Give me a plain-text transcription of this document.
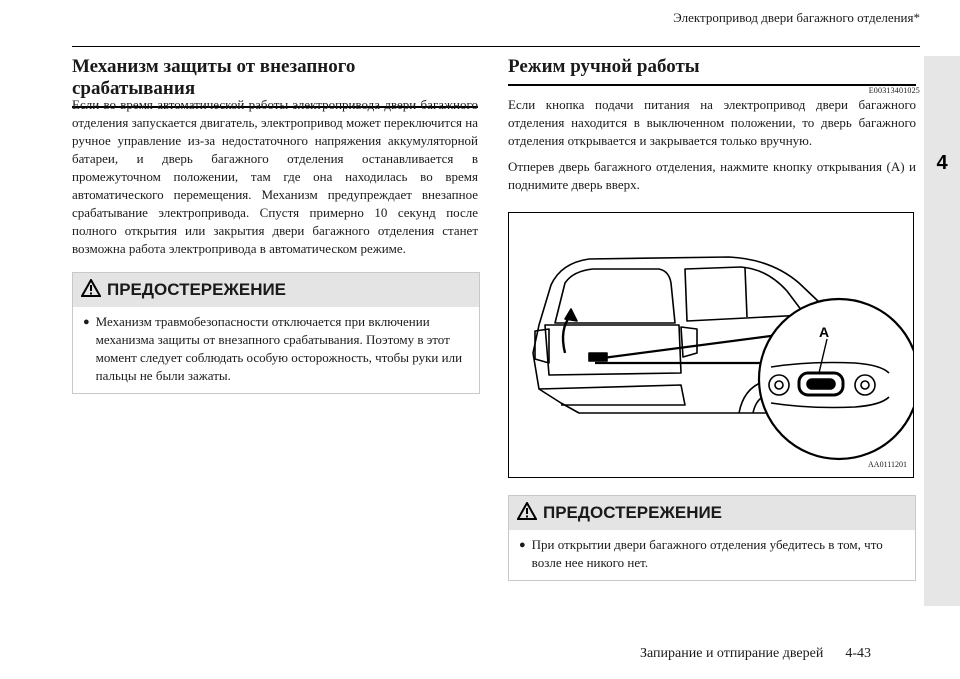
Электропривод двери багажного отделения*
4
Механизм защиты от внезапного срабатывания
Если во время автоматической работы электропривода двери багажного отделения запускается двигатель, электропривод может переключится на ручное управление из-за недостаточного напряжения аккумуляторной батареи, и дверь багажного отделения останавливается в промежуточном положении, там где она находилась во время автоматического перемещения. Механизм предупреждает внезапное срабатывание электропривода. Спустя примерно 10 секунд после полного открытия или закрытия двери багажного отделения станет возможна работа электропривода в автоматическом режиме.
ПРЕДОСТЕРЕЖЕНИЕ
● Механизм травмобезопасности отключается при включении механизма защиты от внезапного срабатывания. Поэтому в этот момент следует соблюдать особую осторожность, чтобы руки или пальцы не были зажаты.
Режим ручной работы
E00313401025
Если кнопка подачи питания на электропривод двери багажного отделения находится в выключенном положении, то дверь багажного отделения открывается и закрывается только вручную.
Отперев дверь багажного отделения, нажмите кнопку открывания (A) и поднимите дверь вверх.
A
AA0111201
ПРЕДОСТЕРЕЖЕНИЕ
● При открытии двери багажного отделения убедитесь в том, что возле нее никого нет.
Запирание и отпирание дверей 4-43
